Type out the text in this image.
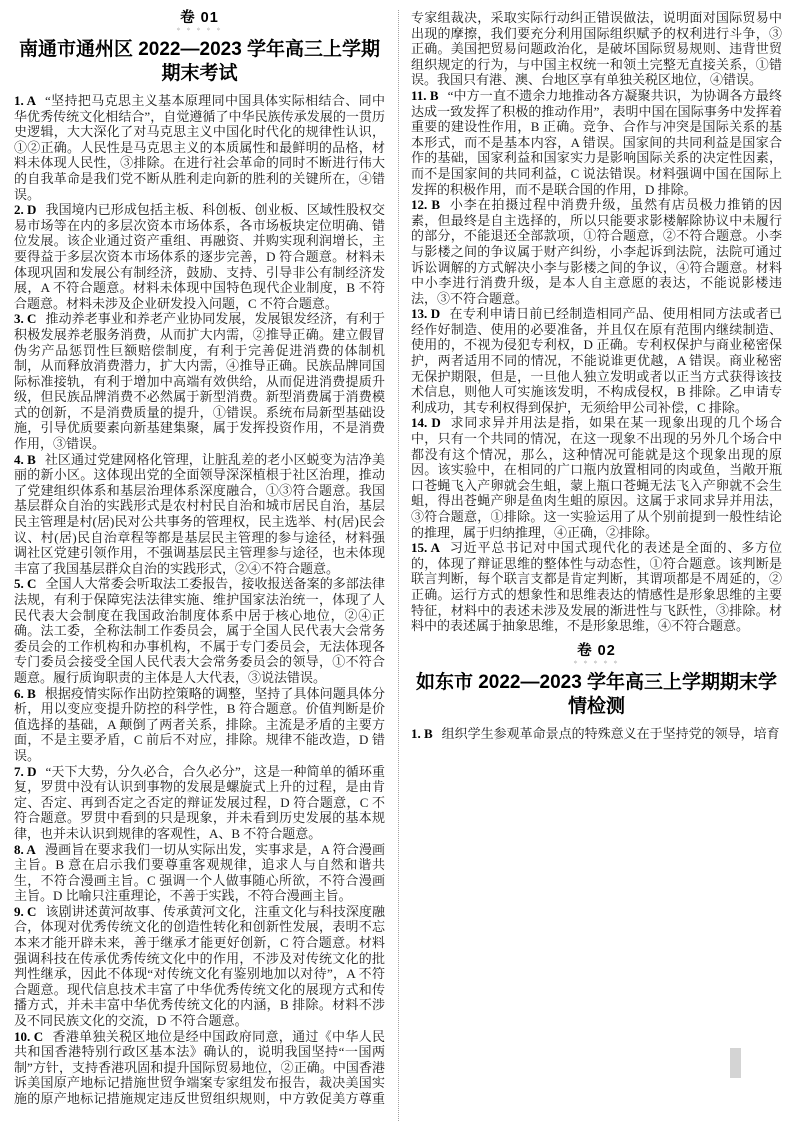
卷 01
* * * * *
南通市通州区 2022—2023 学年高三上学期期末考试

1. A “坚持把马克思主义基本原理同中国具体实际相结合、同中华优秀传统文化相结合”，自觉遵循了中华民族传承发展的一贯历史逻辑，大大深化了对马克思主义中国化时代化的规律性认识，①②正确。人民性是马克思主义的本质属性和最鲜明的品格，材料未体现人民性，③排除。在进行社会革命的同时不断进行伟大的自我革命是我们党不断从胜利走向新的胜利的关键所在，④错误。

2. D 我国境内已形成包括主板、科创板、创业板、区域性股权交易市场等在内的多层次资本市场体系，各市场板块定位明确、错位发展。该企业通过资产重组、再融资、并购实现利润增长，主要得益于多层次资本市场体系的逐步完善，D 符合题意。材料未体现巩固和发展公有制经济，鼓励、支持、引导非公有制经济发展，A 不符合题意。材料未体现中国特色现代企业制度，B 不符合题意。材料未涉及企业研发投入问题，C 不符合题意。

3. C 推动养老事业和养老产业协同发展，发展银发经济，有利于积极发展养老服务消费，从而扩大内需，②推导正确。建立假冒伪劣产品惩罚性巨额赔偿制度，有利于完善促进消费的体制机制，从而释放消费潜力，扩大内需，④推导正确。民族品牌同国际标准接轨，有利于增加中高端有效供给，从而促进消费提质升级，但民族品牌消费不必然属于新型消费。新型消费属于消费模式的创新，不是消费质量的提升，①错误。系统布局新型基础设施，引导优质要素向新基建集聚，属于发挥投资作用，不是消费作用，③错误。

4. B 社区通过党建网格化管理，让脏乱差的老小区蜕变为洁净美丽的新小区。这体现出党的全面领导深深植根于社区治理，推动了党建组织体系和基层治理体系深度融合，①③符合题意。我国基层群众自治的实践形式是农村村民自治和城市居民自治，基层民主管理是村(居)民对公共事务的管理权，民主选举、村(居)民会议、村(居)民自治章程等都是基层民主管理的参与途径，材料强调社区党建引领作用，不强调基层民主管理参与途径，也未体现丰富了我国基层群众自治的实践形式，②④不符合题意。

5. C 全国人大常委会听取法工委报告，接收报送备案的多部法律法规，有利于保障宪法法律实施、维护国家法治统一，体现了人民代表大会制度在我国政治制度体系中居于核心地位，②④正确。法工委，全称法制工作委员会，属于全国人民代表大会常务委员会的工作机构和办事机构，不属于专门委员会，无法体现各专门委员会接受全国人民代表大会常务委员会的领导，①不符合题意。履行质询职责的主体是人大代表，③说法错误。

6. B 根据疫情实际作出防控策略的调整，坚持了具体问题具体分析，用以变应变提升防控的科学性，B 符合题意。价值判断是价值选择的基础，A 颠倒了两者关系，排除。主流是矛盾的主要方面，不是主要矛盾，C 前后不对应，排除。规律不能改造，D 错误。

7. D “天下大势，分久必合，合久必分”，这是一种简单的循环重复，罗贯中没有认识到事物的发展是螺旋式上升的过程，是由肯定、否定、再到否定之否定的辩证发展过程，D 符合题意，C 不符合题意。罗贯中看到的只是现象，并未看到历史发展的基本规律，也并未认识到规律的客观性，A、B 不符合题意。

8. A 漫画旨在要求我们一切从实际出发，实事求是，A 符合漫画主旨。B 意在启示我们要尊重客观规律，追求人与自然和谐共生，不符合漫画主旨。C 强调一个人做事随心所欲，不符合漫画主旨。D 比喻只注重理论，不善于实践，不符合漫画主旨。

9. C 该剧讲述黄河故事、传承黄河文化，注重文化与科技深度融合，体现对优秀传统文化的创造性转化和创新性发展，表明不忘本来才能开辟未来，善于继承才能更好创新，C 符合题意。材料强调科技在传承优秀传统文化中的作用，不涉及对传统文化的批判性继承，因此不体现“对传统文化有鉴别地加以对待”，A 不符合题意。现代信息技术丰富了中华优秀传统文化的展现方式和传播方式，并未丰富中华优秀传统文化的内涵，B 排除。材料不涉及不同民族文化的交流，D 不符合题意。

10. C 香港单独关税区地位是经中国政府同意，通过《中华人民共和国香港特别行政区基本法》确认的，说明我国坚持“一国两制”方针，支持香港巩固和提升国际贸易地位，②正确。中国香港诉美国原产地标记措施世贸争端案专家组发布报告，裁决美国实施的原产地标记措施规定违反世贸组织规则，中方敦促美方尊重专家组裁决，采取实际行动纠正错误做法，说明面对国际贸易中出现的摩擦，我们要充分利用国际组织赋予的权利进行斗争，③正确。美国把贸易问题政治化，是破坏国际贸易规则、违背世贸组织规定的行为，与中国主权统一和领土完整无直接关系，①错误。我国只有港、澳、台地区享有单独关税区地位，④错误。

11. B “中方一直不遗余力地推动各方凝聚共识，为协调各方最终达成一致发挥了积极的推动作用”，表明中国在国际事务中发挥着重要的建设性作用，B 正确。竞争、合作与冲突是国际关系的基本形式，而不是基本内容，A 错误。国家间的共同利益是国家合作的基础，国家利益和国家实力是影响国际关系的决定性因素，而不是国家间的共同利益，C 说法错误。材料强调中国在国际上发挥的积极作用，而不是联合国的作用，D 排除。

12. B 小李在拍摄过程中消费升级，虽然有店员极力推销的因素，但最终是自主选择的，所以只能要求影楼解除协议中未履行的部分，不能退还全部款项，①符合题意，②不符合题意。小李与影楼之间的争议属于财产纠纷，小李起诉到法院，法院可通过诉讼调解的方式解决小李与影楼之间的争议，④符合题意。材料中小李进行消费升级，是本人自主意愿的表达，不能说影楼违法，③不符合题意。

13. D 在专利申请日前已经制造相同产品、使用相同方法或者已经作好制造、使用的必要准备，并且仅在原有范围内继续制造、使用的，不视为侵犯专利权，D 正确。专利权保护与商业秘密保护，两者适用不同的情况，不能说谁更优越，A 错误。商业秘密无保护期限，但是，一旦他人独立发明或者以正当方式获得该技术信息，则他人可实施该发明，不构成侵权，B 排除。乙申请专利成功，其专利权得到保护，无须给甲公司补偿，C 排除。

14. D 求同求异并用法是指，如果在某一现象出现的几个场合中，只有一个共同的情况，在这一现象不出现的另外几个场合中都没有这个情况，那么，这种情况可能就是这个现象出现的原因。该实验中，在相同的广口瓶内放置相同的肉或鱼，当敞开瓶口苍蝇飞入产卵就会生蛆，蒙上瓶口苍蝇无法飞入产卵就不会生蛆，得出苍蝇产卵是鱼肉生蛆的原因。这属于求同求异并用法，③符合题意，①排除。这一实验运用了从个别前提到一般性结论的推理，属于归纳推理，④正确，②排除。

15. A 习近平总书记对中国式现代化的表述是全面的、多方位的，体现了辩证思维的整体性与动态性，①符合题意。该判断是联言判断，每个联言支都是肯定判断，其谓项都是不周延的，②正确。运行方式的想象性和思维表达的情感性是形象思维的主要特征，材料中的表述未涉及发展的渐进性与飞跃性，③排除。材料中的表述属于抽象思维，不是形象思维，④不符合题意。

卷 02
* * * * *
如东市 2022—2023 学年高三上学期期末学情检测

1. B 组织学生参观革命景点的特殊意义在于坚持党的领导，培育
